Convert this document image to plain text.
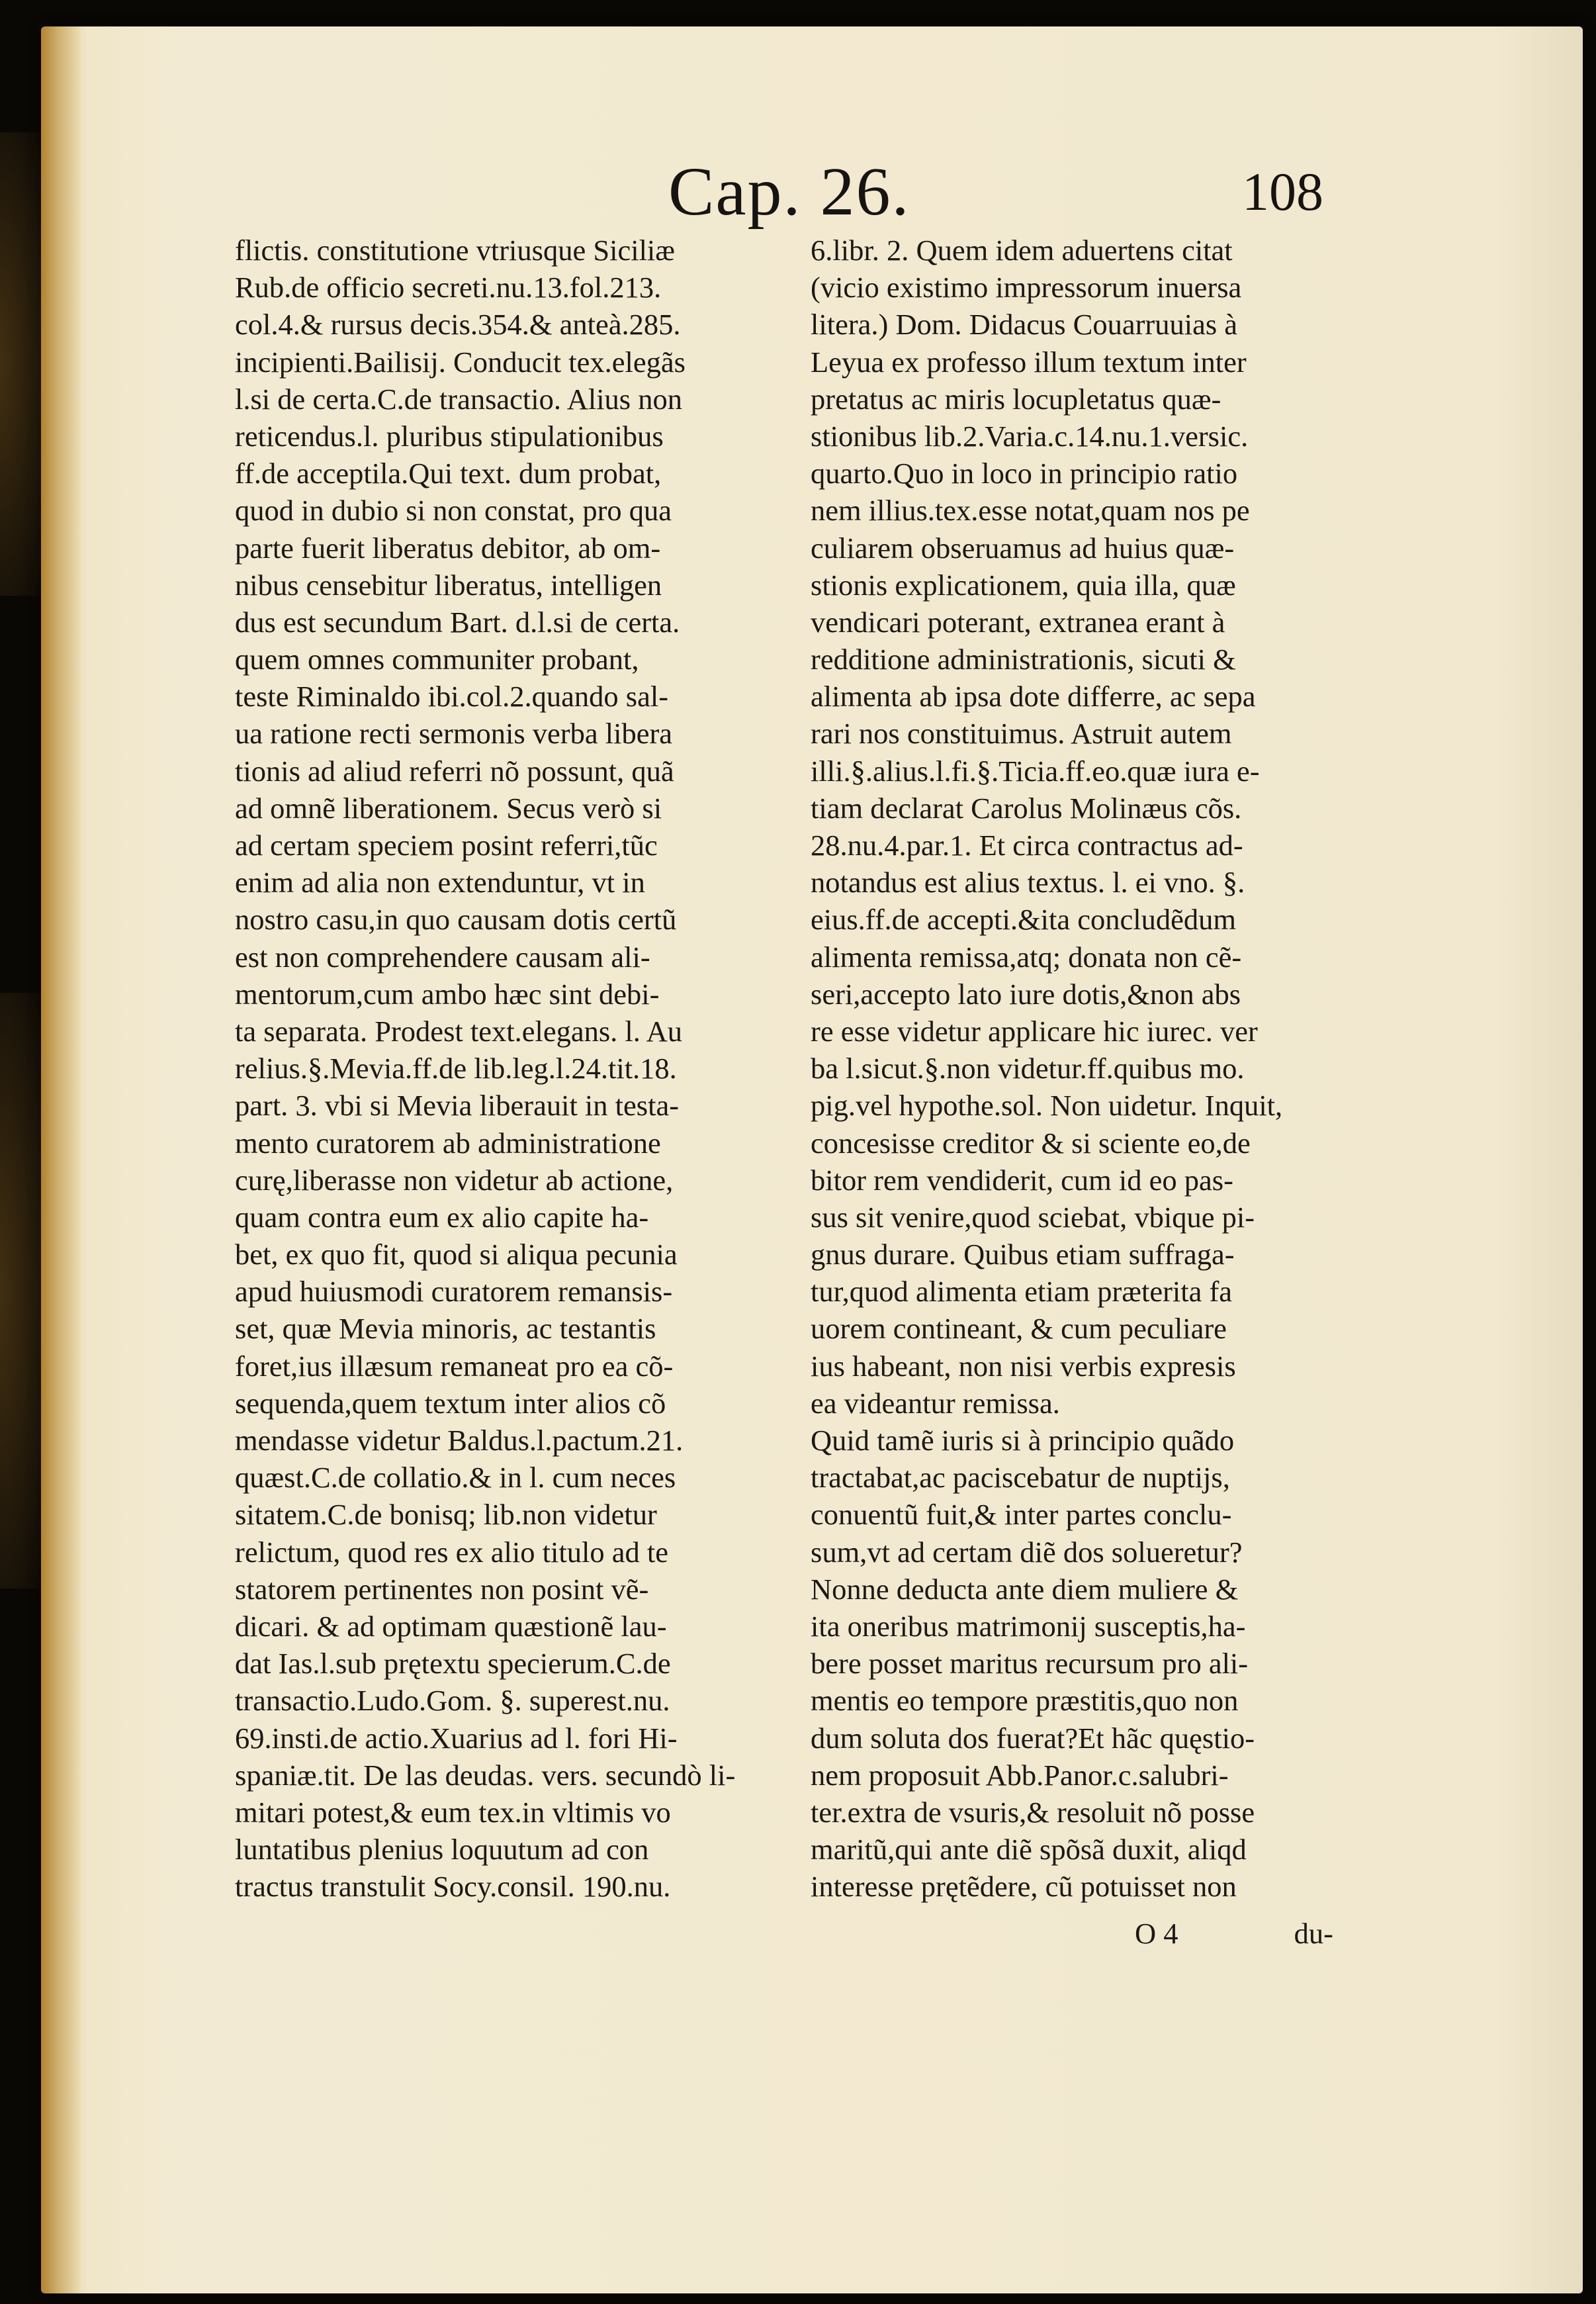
Cap. 26.	108
flictis. constitutione vtriusque Siciliæ
Rub.de officio secreti.nu.13.fol.213.
col.4.& rursus decis.354.& anteà.285.
incipienti.Bailisij. Conducit tex.elegãs
l.si de certa.C.de transactio. Alius non
reticendus.l. pluribus stipulationibus
ff.de acceptila.Qui text. dum probat,
quod in dubio si non constat, pro qua
parte fuerit liberatus debitor, ab om-
nibus censebitur liberatus, intelligen
dus est secundum Bart. d.l.si de certa.
quem omnes communiter probant,
teste Riminaldo ibi.col.2.quando sal-
ua ratione recti sermonis verba libera
tionis ad aliud referri nõ possunt, quã
ad omnẽ liberationem. Secus verò si
ad certam speciem posint referri,tũc
enim ad alia non extenduntur, vt in
nostro casu,in quo causam dotis certũ
est non comprehendere causam ali-
mentorum,cum ambo hæc sint debi-
ta separata. Prodest text.elegans. l. Au
relius.§.Mevia.ff.de lib.leg.l.24.tit.18.
part. 3. vbi si Mevia liberauit in testa-
mento curatorem ab administratione
curę,liberasse non videtur ab actione,
quam contra eum ex alio capite ha-
bet, ex quo fit, quod si aliqua pecunia
apud huiusmodi curatorem remansis-
set, quæ Mevia minoris, ac testantis
foret,ius illæsum remaneat pro ea cõ-
sequenda,quem textum inter alios cõ
mendasse videtur Baldus.l.pactum.21.
quæst.C.de collatio.& in l. cum neces
sitatem.C.de bonisq; lib.non videtur
relictum, quod res ex alio titulo ad te
statorem pertinentes non posint vẽ-
dicari. & ad optimam quæstionẽ lau-
dat Ias.l.sub prętextu specierum.C.de
transactio.Ludo.Gom. §. superest.nu.
69.insti.de actio.Xuarius ad l. fori Hi-
spaniæ.tit. De las deudas. vers. secundò li-
mitari potest,& eum tex.in vltimis vo
luntatibus plenius loquutum ad con
tractus transtulit Socy.consil. 190.nu.
6.libr. 2. Quem idem aduertens citat
(vicio existimo impressorum inuersa
litera.) Dom. Didacus Couarruuias à
Leyua ex professo illum textum inter
pretatus ac miris locupletatus quæ-
stionibus lib.2.Varia.c.14.nu.1.versic.
quarto.Quo in loco in principio ratio
nem illius.tex.esse notat,quam nos pe
culiarem obseruamus ad huius quæ-
stionis explicationem, quia illa, quæ
vendicari poterant, extranea erant à
redditione administrationis, sicuti &
alimenta ab ipsa dote differre, ac sepa
rari nos constituimus. Astruit autem
illi.§.alius.l.fi.§.Ticia.ff.eo.quæ iura e-
tiam declarat Carolus Molinæus cõs.
28.nu.4.par.1. Et circa contractus ad-
notandus est alius textus. l. ei vno. §.
eius.ff.de accepti.&ita concludẽdum
alimenta remissa,atq; donata non cẽ-
seri,accepto lato iure dotis,&non abs
re esse videtur applicare hic iurec. ver
ba l.sicut.§.non videtur.ff.quibus mo.
pig.vel hypothe.sol. Non uidetur. Inquit,
concesisse creditor & si sciente eo,de
bitor rem vendiderit, cum id eo pas-
sus sit venire,quod sciebat, vbique pi-
gnus durare. Quibus etiam suffraga-
tur,quod alimenta etiam præterita fa
uorem contineant, & cum peculiare
ius habeant, non nisi verbis expresis
ea videantur remissa.
Quid tamẽ iuris si à principio quãdo
tractabat,ac paciscebatur de nuptijs,
conuentũ fuit,& inter partes conclu-
sum,vt ad certam diẽ dos solueretur?
Nonne deducta ante diem muliere &
ita oneribus matrimonij susceptis,ha-
bere posset maritus recursum pro ali-
mentis eo tempore præstitis,quo non
dum soluta dos fuerat?Et hãc quęstio-
nem proposuit Abb.Panor.c.salubri-
ter.extra de vsuris,& resoluit nõ posse
maritũ,qui ante diẽ spõsã duxit, aliqd
interesse prętẽdere, cũ potuisset non
O 4	du-
